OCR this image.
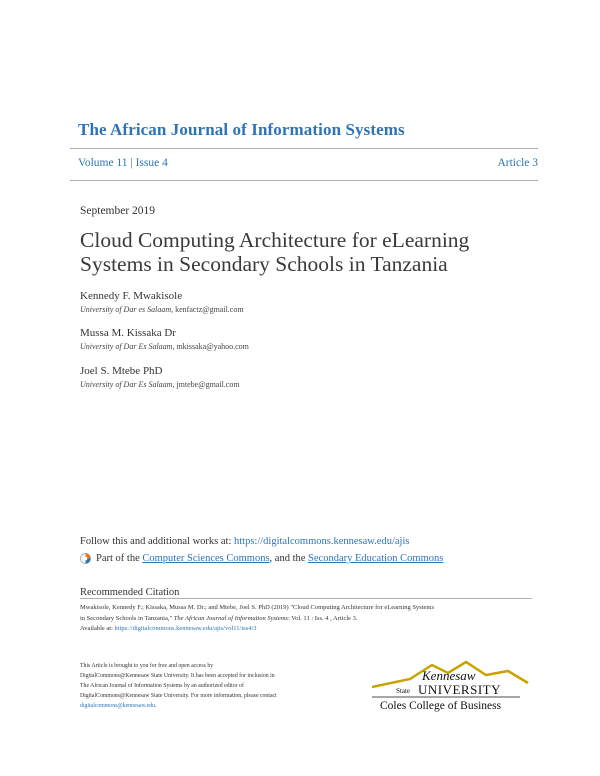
The African Journal of Information Systems
Volume 11 | Issue 4	Article 3
September 2019
Cloud Computing Architecture for eLearning Systems in Secondary Schools in Tanzania
Kennedy F. Mwakisole
University of Dar es Salaam, kenfactz@gmail.com
Mussa M. Kissaka Dr
University of Dar Es Salaam, mkissaka@yahoo.com
Joel S. Mtebe PhD
University of Dar Es Salaam, jmtebe@gmail.com
Follow this and additional works at: https://digitalcommons.kennesaw.edu/ajis
Part of the
Computer Sciences Commons , and the Secondary Education Commons
Recommended Citation
Mwakisole, Kennedy F.; Kissaka, Mussa M. Dr.; and Mtebe, Joel S. PhD (2019) "Cloud Computing Architecture for eLearning Systems
in Secondary Schools in Tanzania," The African Journal of Information Systems: Vol. 11 : Iss. 4 , Article 3.
Available at: https://digitalcommons.kennesaw.edu/ajis/vol11/iss4/3
This Article is brought to you for free and open access by DigitalCommons@Kennesaw State University. It has been accepted for inclusion in The African Journal of Information Systems by an authorized editor of DigitalCommons@Kennesaw State University. For more information, please contact digitalcommons@kennesaw.edu.
Kennesaw
State UNIVERSITY
Coles College of Business
